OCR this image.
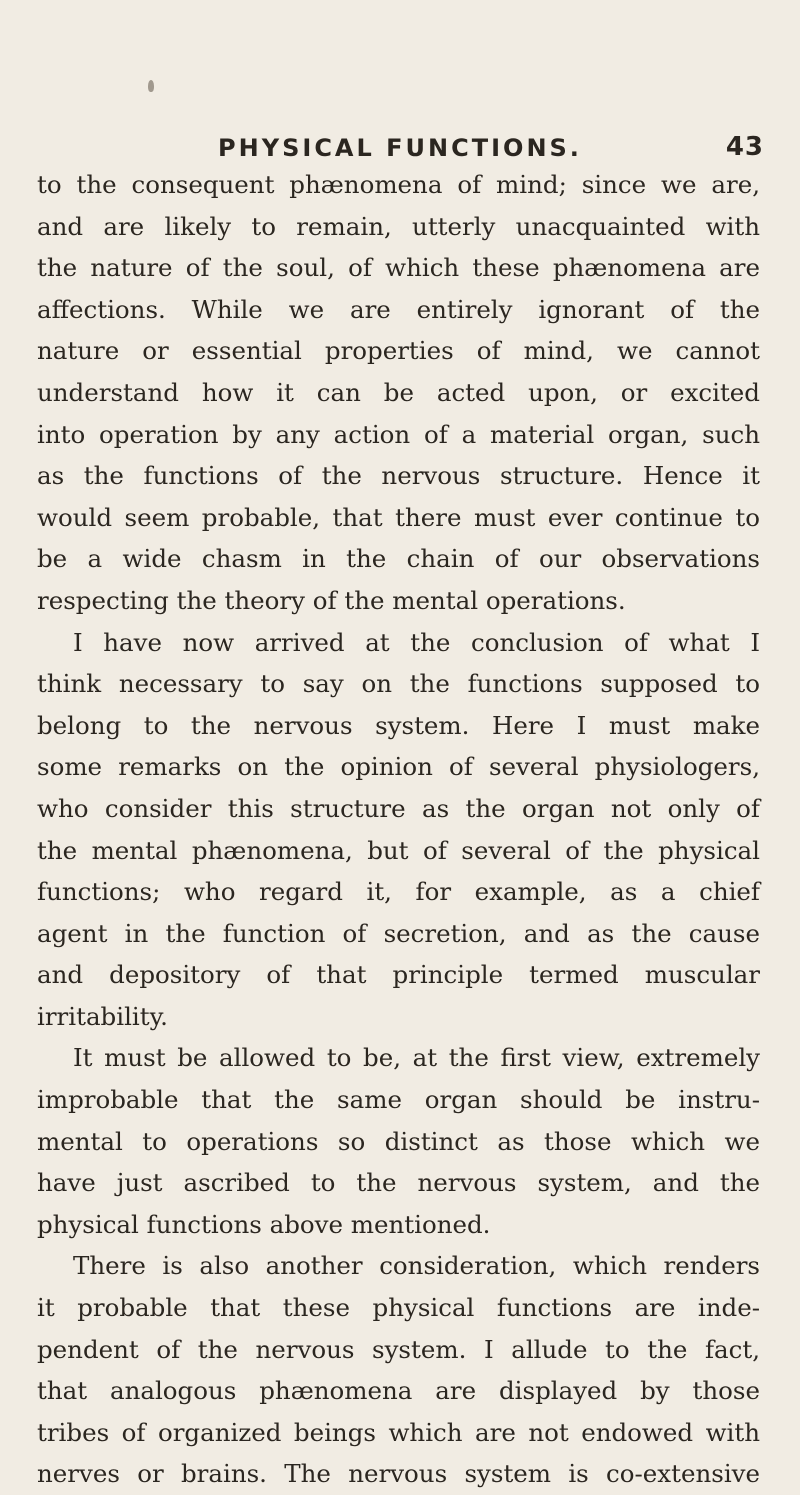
PHYSICAL FUNCTIONS.	43
to the consequent phænomena of mind; since we are,
and are likely to remain, utterly unacquainted with
the nature of the soul, of which these phænomena are
affections. While we are entirely ignorant of the
nature or essential properties of mind, we cannot
understand how it can be acted upon, or excited
into operation by any action of a material organ, such
as the functions of the nervous structure. Hence it
would seem probable, that there must ever continue to
be a wide chasm in the chain of our observations
respecting the theory of the mental operations.
I have now arrived at the conclusion of what I
think necessary to say on the functions supposed to
belong to the nervous system. Here I must make
some remarks on the opinion of several physiologers,
who consider this structure as the organ not only of
the mental phænomena, but of several of the physical
functions; who regard it, for example, as a chief
agent in the function of secretion, and as the cause
and depository of that principle termed muscular
irritability.
It must be allowed to be, at the first view, extremely
improbable that the same organ should be instru-
mental to operations so distinct as those which we
have just ascribed to the nervous system, and the
physical functions above mentioned.
There is also another consideration, which renders
it probable that these physical functions are inde-
pendent of the nervous system. I allude to the fact,
that analogous phænomena are displayed by those
tribes of organized beings which are not endowed with
nerves or brains. The nervous system is co-extensive
